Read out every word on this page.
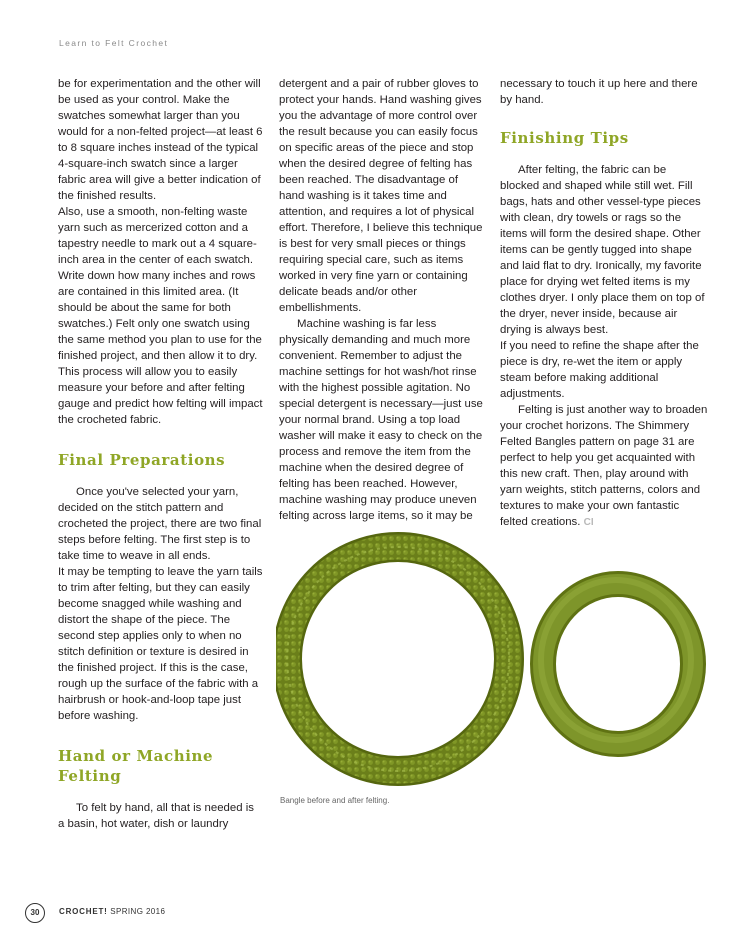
Learn to Felt Crochet

be for experimentation and the other will be used as your control. Make the swatches somewhat larger than you would for a non-felted project—at least 6 to 8 square inches instead of the typical 4-square-inch swatch since a larger fabric area will give a better indication of the finished results.

Also, use a smooth, non-felting waste yarn such as mercerized cotton and a tapestry needle to mark out a 4 square-inch area in the center of each swatch. Write down how many inches and rows are contained in this limited area. (It should be about the same for both swatches.) Felt only one swatch using the same method you plan to use for the finished project, and then allow it to dry. This process will allow you to easily measure your before and after felting gauge and predict how felting will impact the crocheted fabric.

Final Preparations

Once you've selected your yarn, decided on the stitch pattern and crocheted the project, there are two final steps before felting. The first step is to take time to weave in all ends.

It may be tempting to leave the yarn tails to trim after felting, but they can easily become snagged while washing and distort the shape of the piece. The second step applies only to when no stitch definition or texture is desired in the finished project. If this is the case, rough up the surface of the fabric with a hairbrush or hook-and-loop tape just before washing.

Hand or Machine Felting

To felt by hand, all that is needed is a basin, hot water, dish or laundry

detergent and a pair of rubber gloves to protect your hands. Hand washing gives you the advantage of more control over the result because you can easily focus on specific areas of the piece and stop when the desired degree of felting has been reached. The disadvantage of hand washing is it takes time and attention, and requires a lot of physical effort. Therefore, I believe this technique is best for very small pieces or things requiring special care, such as items worked in very fine yarn or containing delicate beads and/or other embellishments.

Machine washing is far less physically demanding and much more convenient. Remember to adjust the machine settings for hot wash/hot rinse with the highest possible agitation. No special detergent is necessary—just use your normal brand. Using a top load washer will make it easy to check on the process and remove the item from the machine when the desired degree of felting has been reached. However, machine washing may produce uneven felting across large items, so it may be

necessary to touch it up here and there by hand.

Finishing Tips

After felting, the fabric can be blocked and shaped while still wet. Fill bags, hats and other vessel-type pieces with clean, dry towels or rags so the items will form the desired shape. Other items can be gently tugged into shape and laid flat to dry. Ironically, my favorite place for drying wet felted items is my clothes dryer. I only place them on top of the dryer, never inside, because air drying is always best.

If you need to refine the shape after the piece is dry, re-wet the item or apply steam before making additional adjustments.

Felting is just another way to broaden your crochet horizons. The Shimmery Felted Bangles pattern on page 31 are perfect to help you get acquainted with this new craft. Then, play around with yarn weights, stitch patterns, colors and textures to make your own fantastic felted creations. CI

Bangle before and after felting.
30	CROCHET! SPRING 2016
